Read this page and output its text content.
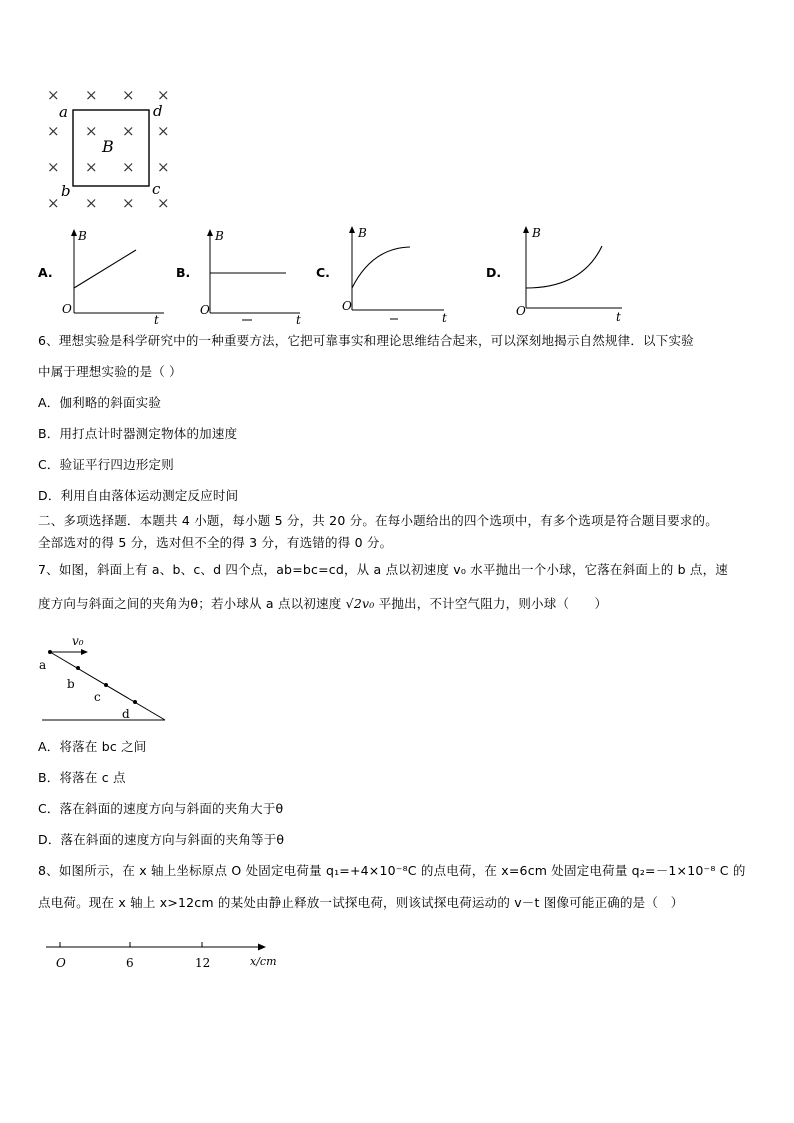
× × × ×
× × × ×
× × × ×
× × × ×
a	d
b	c
B
A.
B
O
t
B.
B
O
t
C.
B
O
t
D.
B
O	t
6、理想实验是科学研究中的一种重要方法，它把可靠事实和理论思维结合起来，可以深刻地揭示自然规律．以下实验
中属于理想实验的是（ ）
A．伽利略的斜面实验
B．用打点计时器测定物体的加速度
C．验证平行四边形定则
D．利用自由落体运动测定反应时间
二、多项选择题．本题共 4 小题，每小题 5 分，共 20 分。在每小题给出的四个选项中，有多个选项是符合题目要求的。
全部选对的得 5 分，选对但不全的得 3 分，有选错的得 0 分。
7、如图，斜面上有 a、b、c、d 四个点，ab=bc=cd，从 a 点以初速度 v₀ 水平抛出一个小球，它落在斜面上的 b 点，速
度方向与斜面之间的夹角为θ；若小球从 a 点以初速度 √2v₀ 平抛出，不计空气阻力，则小球（　　）
v₀
a
b
c
d
A．将落在 bc 之间
B．将落在 c 点
C．落在斜面的速度方向与斜面的夹角大于θ
D．落在斜面的速度方向与斜面的夹角等于θ
8、如图所示，在 x 轴上坐标原点 O 处固定电荷量 q₁=+4×10⁻⁸C 的点电荷，在 x=6cm 处固定电荷量 q₂=－1×10⁻⁸ C 的
点电荷。现在 x 轴上 x>12cm 的某处由静止释放一试探电荷，则该试探电荷运动的 v－t 图像可能正确的是（　）
O	6	12	x/cm
